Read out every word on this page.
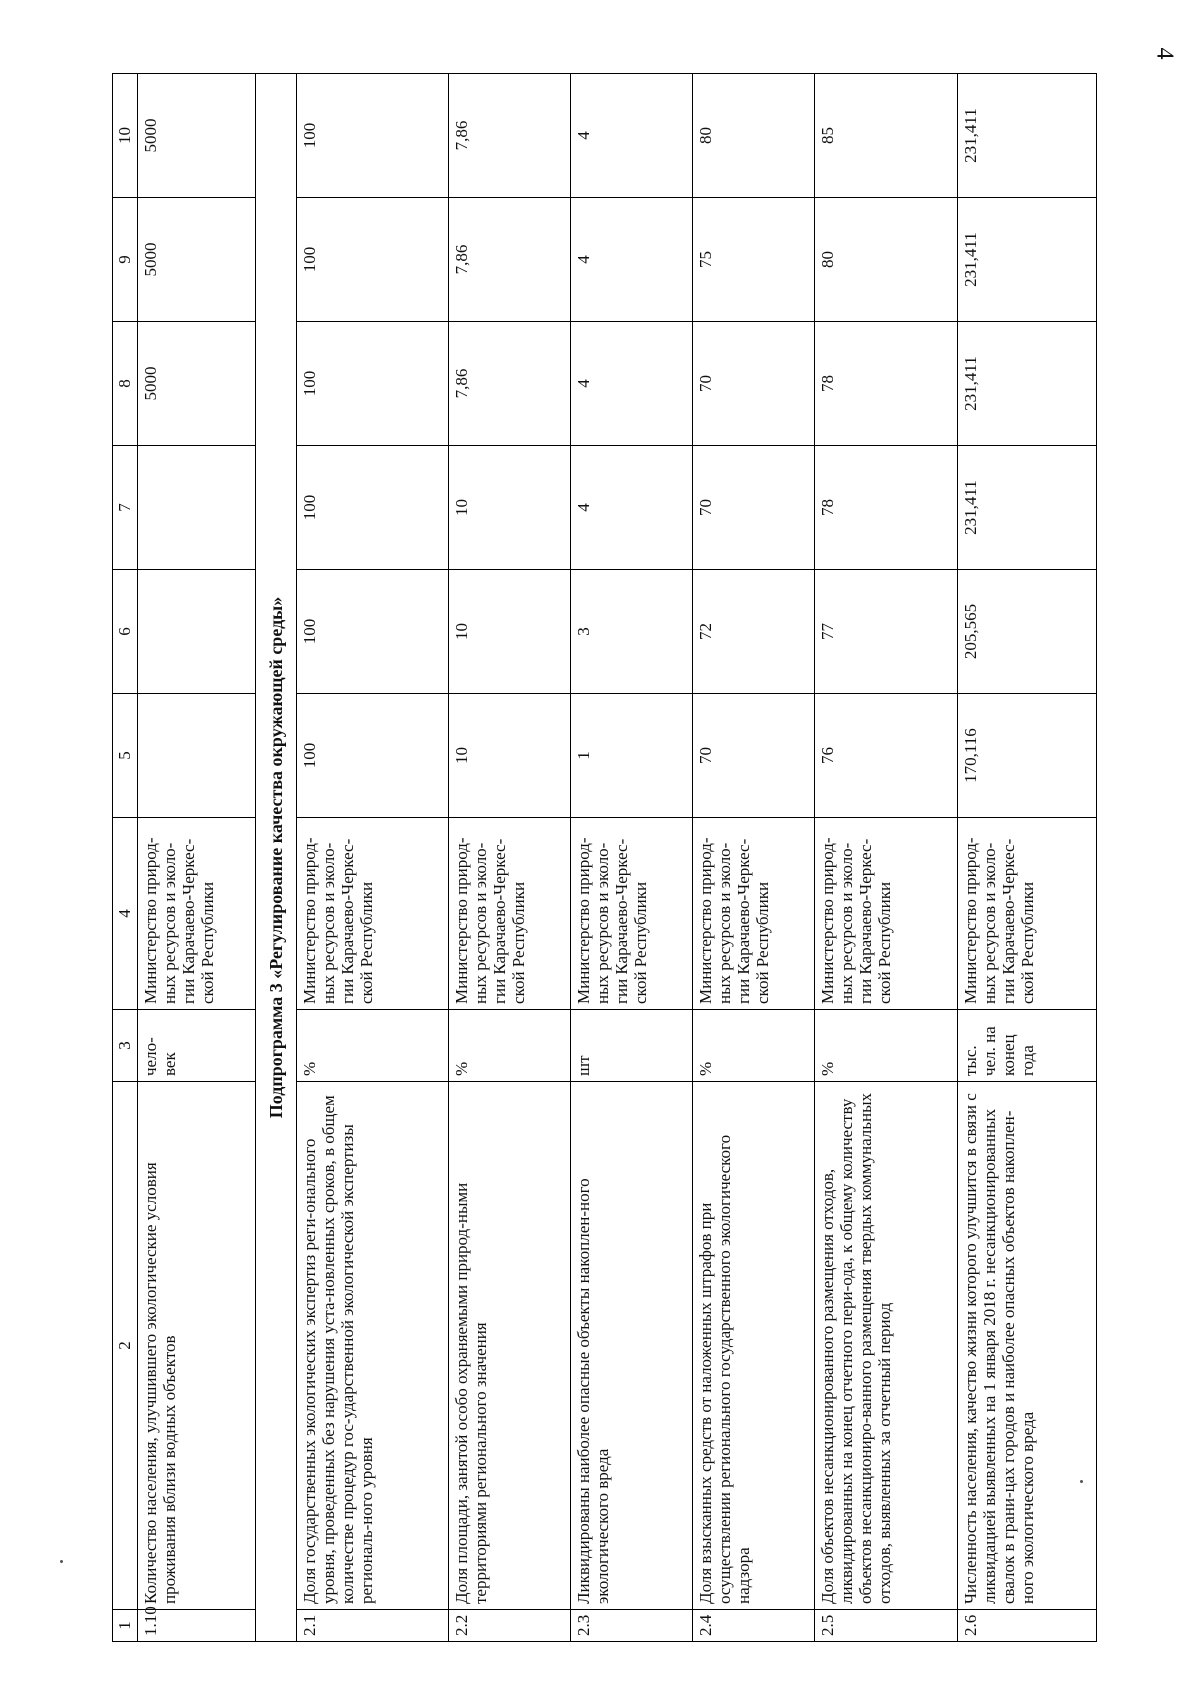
4
1	2	3	4	5	6	7	8	9	10
1.10	Количество населения, улучшившего экологические условия проживания вблизи водных объектов	чело-век	Министерство природ-ных ресурсов и эколо-гии Карачаево-Черкес-ской Республики				5000	5000	5000
Подпрограмма 3 «Регулирование качества окружающей среды»									
2.1	Доля государственных экологических экспертиз реги-онального уровня, проведенных без нарушения уста-новленных сроков, в общем количестве процедур гос-ударственной экологической экспертизы региональ-ного уровня	%	Министерство природ-ных ресурсов и эколо-гии Карачаево-Черкес-ской Республики	100	100	100	100	100	100
2.2	Доля площади, занятой особо охраняемыми природ-ными территориями регионального значения	%	Министерство природ-ных ресурсов и эколо-гии Карачаево-Черкес-ской Республики	10	10	10	7,86	7,86	7,86
2.3	Ликвидированы наиболее опасные объекты накоплен-ного экологического вреда	шт	Министерство природ-ных ресурсов и эколо-гии Карачаево-Черкес-ской Республики	1	3	4	4	4	4
2.4	Доля взысканных средств от наложенных штрафов при осуществлении регионального государственного экологического надзора	%	Министерство природ-ных ресурсов и эколо-гии Карачаево-Черкес-ской Республики	70	72	70	70	75	80
2.5	Доля объектов несанкционированного размещения отходов, ликвидированных на конец отчетного пери-ода, к общему количеству объектов несанкциониро-ванного размещения твердых коммунальных отходов, выявленных за отчетный период	%	Министерство природ-ных ресурсов и эколо-гии Карачаево-Черкес-ской Республики	76	77	78	78	80	85
2.6	Численность населения, качество жизни которого улучшится в связи с ликвидацией выявленных на 1 января 2018 г. несанкционированных свалок в грани-цах городов и наиболее опасных объектов накоплен-ного экологического вреда	тыс. чел. на конец года	Министерство природ-ных ресурсов и эколо-гии Карачаево-Черкес-ской Республики	170,116	205,565	231,411	231,411	231,411	231,411
